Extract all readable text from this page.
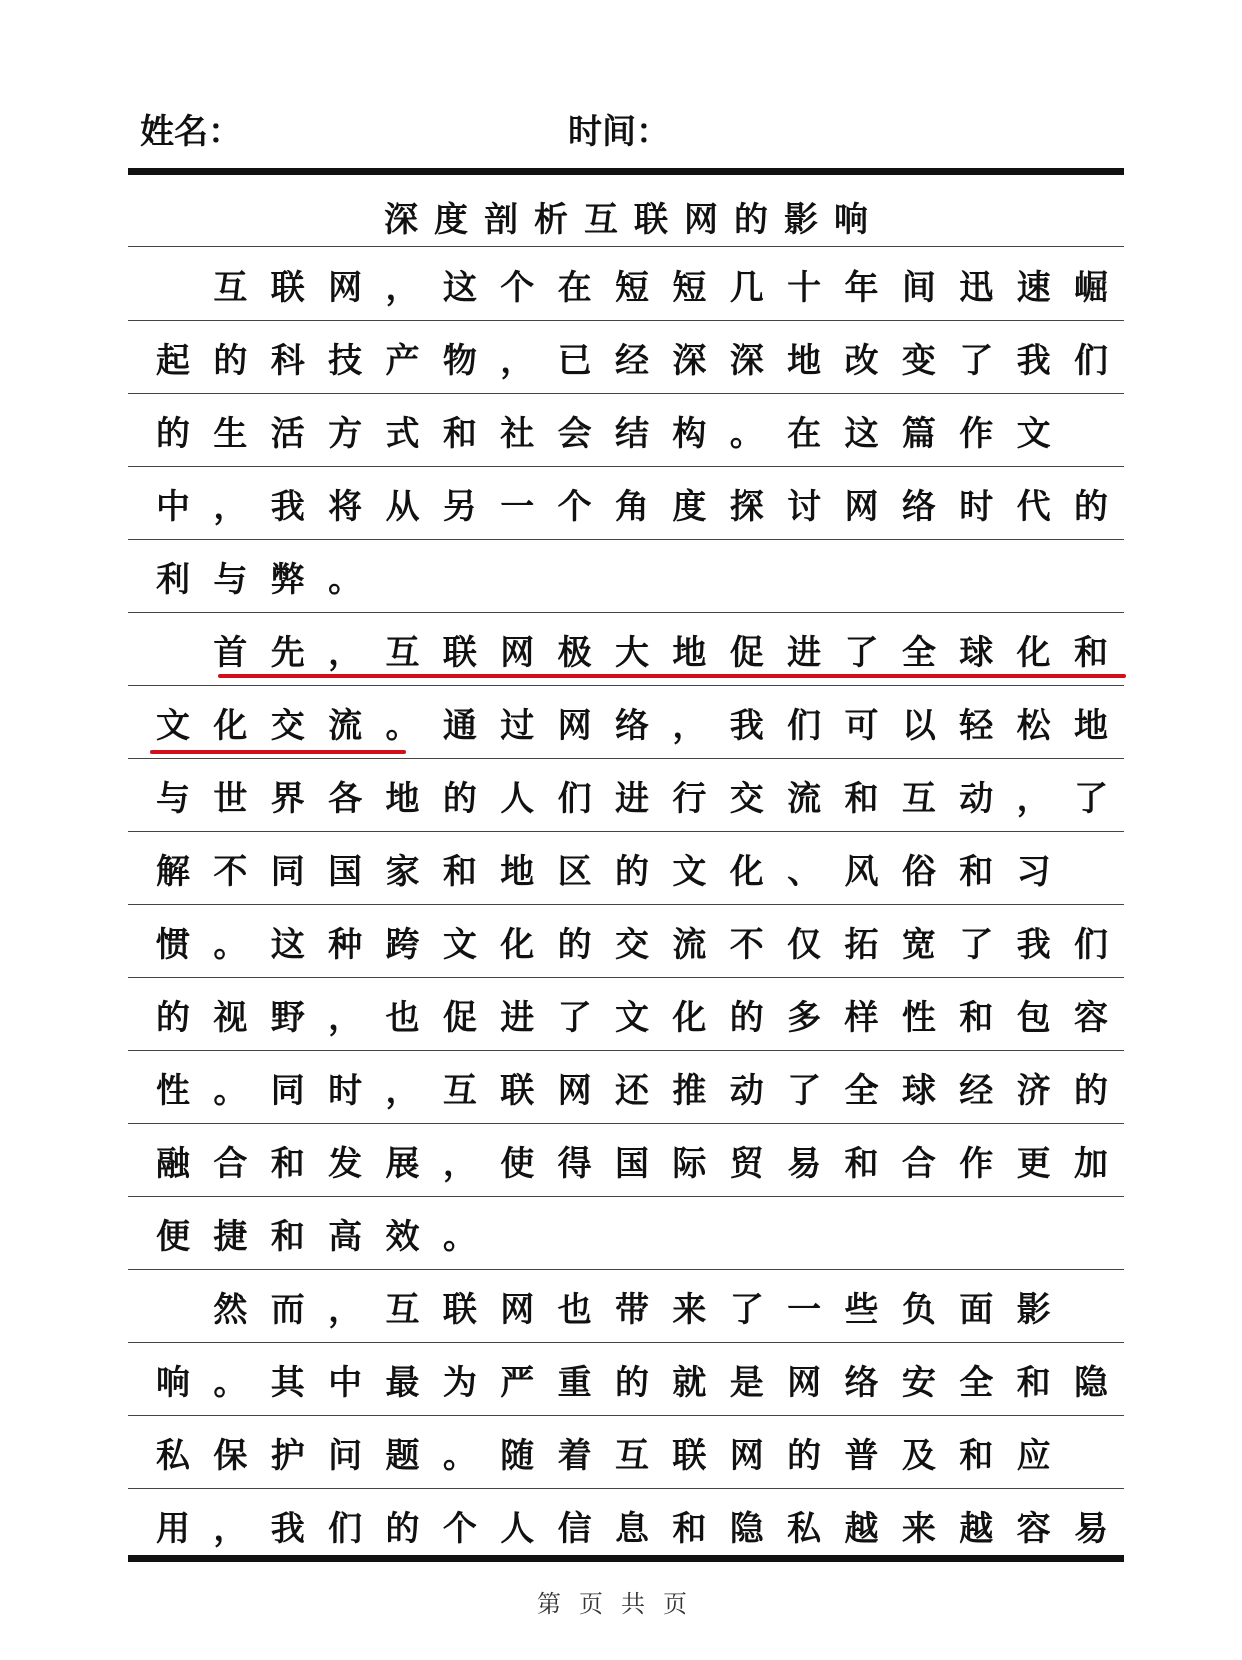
姓名：	时间：
深度剖析互联网的影响
互 联 网 ， 这 个 在 短 短 几 十 年 间 迅 速 崛
起 的 科 技 产 物 ， 已 经 深 深 地 改 变 了 我 们
的 生 活 方 式 和 社 会 结 构 。 在 这 篇 作 文
中 ， 我 将 从 另 一 个 角 度 探 讨 网 络 时 代 的
利 与 弊 。
首 先 ， 互 联 网 极 大 地 促 进 了 全 球 化 和
文 化 交 流 。 通 过 网 络 ， 我 们 可 以 轻 松 地
与 世 界 各 地 的 人 们 进 行 交 流 和 互 动 ， 了
解 不 同 国 家 和 地 区 的 文 化 、 风 俗 和 习
惯 。 这 种 跨 文 化 的 交 流 不 仅 拓 宽 了 我 们
的 视 野 ， 也 促 进 了 文 化 的 多 样 性 和 包 容
性 。 同 时 ， 互 联 网 还 推 动 了 全 球 经 济 的
融 合 和 发 展 ， 使 得 国 际 贸 易 和 合 作 更 加
便 捷 和 高 效 。
然 而 ， 互 联 网 也 带 来 了 一 些 负 面 影
响 。 其 中 最 为 严 重 的 就 是 网 络 安 全 和 隐
私 保 护 问 题 。 随 着 互 联 网 的 普 及 和 应
用 ， 我 们 的 个 人 信 息 和 隐 私 越 来 越 容 易
第页共页
